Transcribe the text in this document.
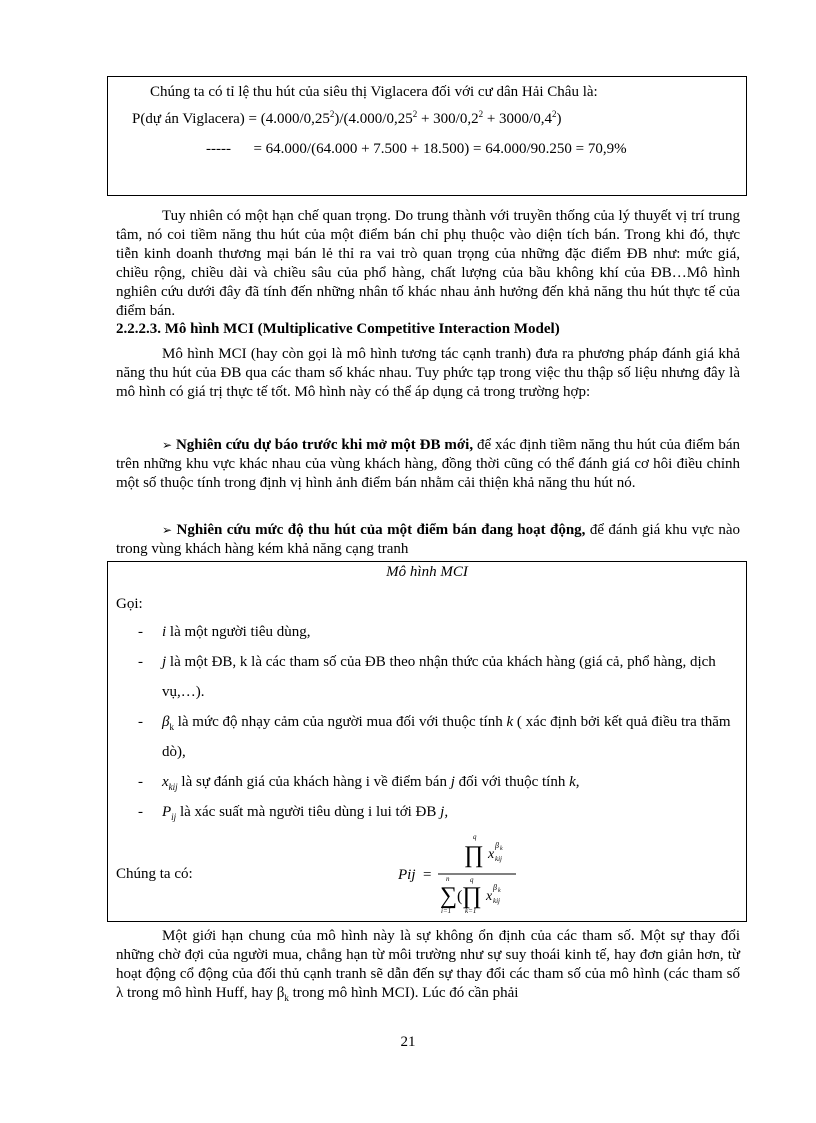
Chúng ta có tỉ lệ thu hút của siêu thị Viglacera đối với cư dân Hải Châu là:
P(dự án Viglacera) = $(4.000/0,25^2)/(4.000/0,25^2 + 300/0,2^2 + 3000/0,4^2)$
-----      = 64.000/(64.000 + 7.500 + 18.500) = 64.000/90.250 = 70,9%

Tuy nhiên có một hạn chế quan trọng. Do trung thành với truyền thống của lý thuyết vị trí trung tâm, nó coi tiềm năng thu hút của một điểm bán chỉ phụ thuộc vào diện tích bán. Trong khi đó, thực tiễn kinh doanh thương mại bán lẻ thỉ ra vai trò quan trọng của những đặc điểm ĐB như: mức giá, chiều rộng, chiều dài và chiều sâu của phổ hàng, chất lượng của bầu không khí của ĐB…Mô hình nghiên cứu dưới đây đã tính đến những nhân tố khác nhau ảnh hưởng đến khả năng thu hút thực tế của điểm bán.

2.2.2.3. Mô hình MCI (Multiplicative Competitive Interaction Model)

Mô hình MCI (hay còn gọi là mô hình tương tác cạnh tranh) đưa ra phương pháp đánh giá khả năng thu hút của ĐB qua các tham số khác nhau. Tuy phức tạp trong việc thu thập số liệu nhưng đây là mô hình có giá trị thực tế tốt. Mô hình này có thể áp dụng cả trong trường hợp:

➢ Nghiên cứu dự báo trước khi mở một ĐB mới, để xác định tiềm năng thu hút của điểm bán trên những khu vực khác nhau của vùng khách hàng, đồng thời cũng có thể đánh giá cơ hôi điều chỉnh một số thuộc tính trong định vị hình ảnh điểm bán nhằm cải thiện khả năng thu hút nó.

➢ Nghiên cứu mức độ thu hút của một điểm bán đang hoạt động, để đánh giá khu vực nào trong vùng khách hàng kém khả năng cạng tranh

Mô hình MCI
Gọi:
- i là một người tiêu dùng,
- j là một ĐB, k là các tham số của ĐB theo nhận thức của khách hàng (giá cả, phổ hàng, dịch vụ,…).
- $\beta_k$ là mức độ nhạy cảm của người mua đối với thuộc tính k ( xác định bởi kết quả điều tra thăm dò),
- $x_{kij}$ là sự đánh giá của khách hàng i về điểm bán j đối với thuộc tính k,
- $P_{ij}$ là xác suất mà người tiêu dùng i lui tới ĐB j,
Chúng ta có:	Pij =
q
∏ x
β k
kij
n
∑
i=1
(
q
∏
k=1
x
β k
kij

Một giới hạn chung của mô hình này là sự không ổn định của các tham số. Một sự thay đổi những chờ đợi của người mua, chẳng hạn từ môi trường như sự suy thoái kinh tế, hay đơn giản hơn, từ hoạt động cổ động của đối thủ cạnh tranh sẽ dẫn đến sự thay đổi các tham số của mô hình (các tham số λ trong mô hình Huff, hay $\beta_k$ trong mô hình MCI). Lúc đó cần phải

21
